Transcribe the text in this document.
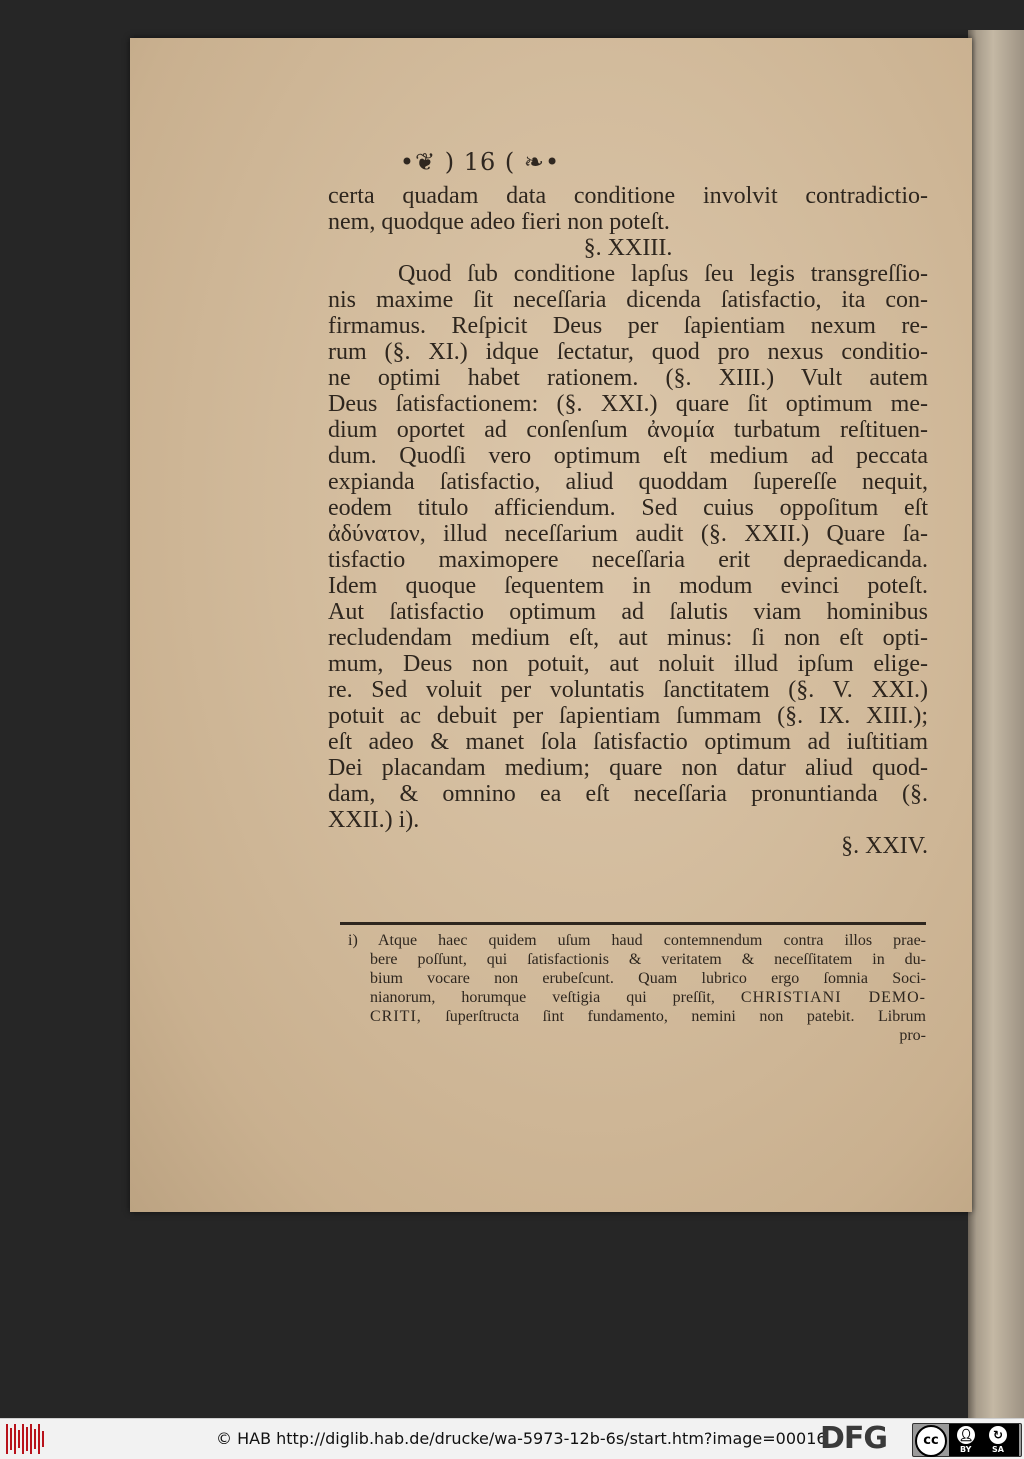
•❦ ) 16 ( ❧•
certa quadam data conditione involvit contradictio-
nem, quodque adeo fieri non poteſt.
§. XXIII.
Quod ſub conditione lapſus ſeu legis transgreſſio-
nis maxime ſit neceſſaria dicenda ſatisfactio, ita con-
firmamus. Reſpicit Deus per ſapientiam nexum re-
rum (§. XI.) idque ſectatur, quod pro nexus conditio-
ne optimi habet rationem. (§. XIII.) Vult autem
Deus ſatisfactionem: (§. XXI.) quare ſit optimum me-
dium oportet ad conſenſum ἀνομία turbatum reſtituen-
dum. Quodſi vero optimum eſt medium ad peccata
expianda ſatisfactio, aliud quoddam ſupereſſe nequit,
eodem titulo afficiendum. Sed cuius oppoſitum eſt
ἀδύνατον, illud neceſſarium audit (§. XXII.) Quare ſa-
tisfactio maximopere neceſſaria erit depraedicanda.
Idem quoque ſequentem in modum evinci poteſt.
Aut ſatisfactio optimum ad ſalutis viam hominibus
recludendam medium eſt, aut minus: ſi non eſt opti-
mum, Deus non potuit, aut noluit illud ipſum elige-
re. Sed voluit per voluntatis ſanctitatem (§. V. XXI.)
potuit ac debuit per ſapientiam ſummam (§. IX. XIII.);
eſt adeo & manet ſola ſatisfactio optimum ad iuſtitiam
Dei placandam medium; quare non datur aliud quod-
dam, & omnino ea eſt neceſſaria pronuntianda (§.
XXII.) i).
§. XXIV.
i) Atque haec quidem uſum haud contemnendum contra illos prae-
bere poſſunt, qui ſatisfactionis & veritatem & neceſſitatem in du-
bium vocare non erubeſcunt. Quam lubrico ergo ſomnia Soci-
nianorum, horumque veſtigia qui preſſit, CHRISTIANI DEMO-
CRITI, ſuperſtructa ſint fundamento, nemini non patebit. Librum
pro-
© HAB http://diglib.hab.de/drucke/wa-5973-12b-6s/start.htm?image=00016
DFG	cc	👤︎	↻
BY	SA
